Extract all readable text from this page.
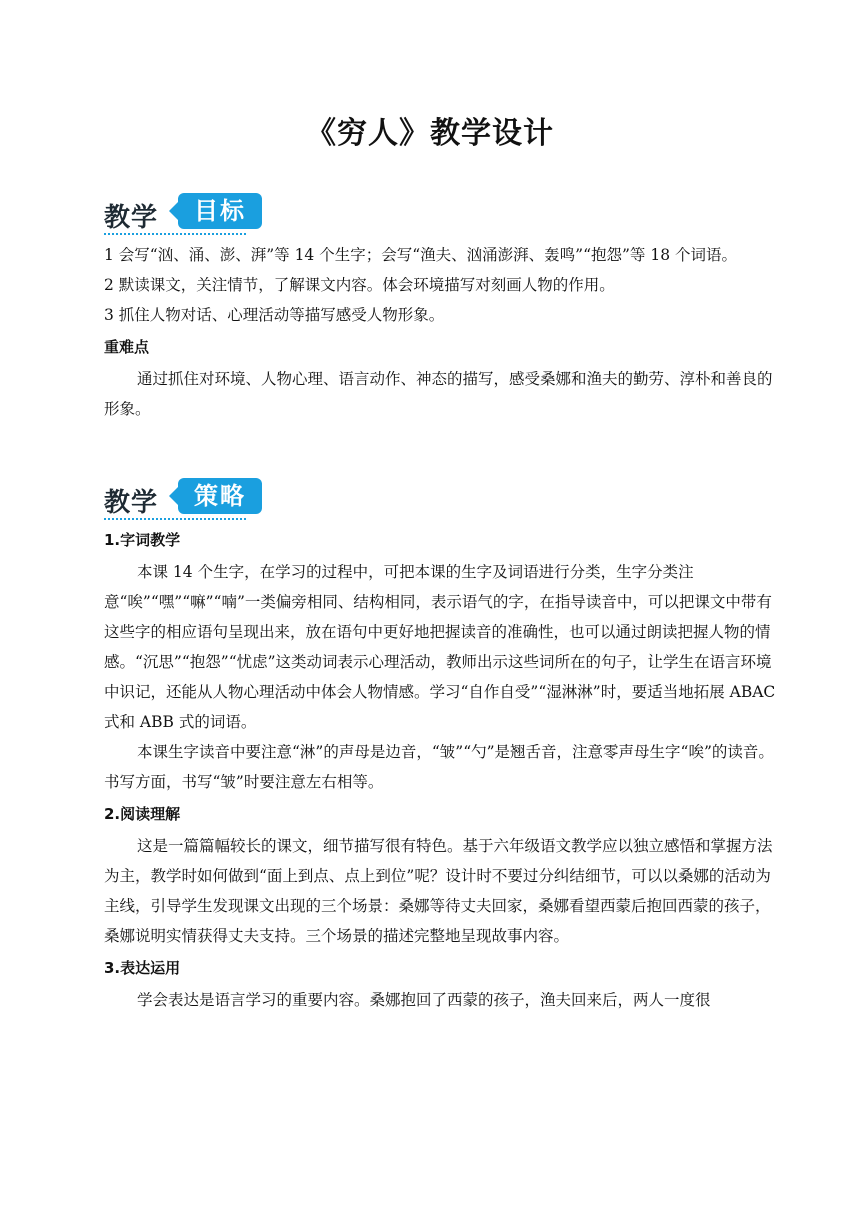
《穷人》教学设计
教学	目标
1 会写“汹、涌、澎、湃”等 14 个生字；会写“渔夫、汹涌澎湃、轰鸣”“抱怨”等 18 个词语。
2 默读课文，关注情节，了解课文内容。体会环境描写对刻画人物的作用。
3 抓住人物对话、心理活动等描写感受人物形象。
重难点
通过抓住对环境、人物心理、语言动作、神态的描写，感受桑娜和渔夫的勤劳、淳朴和善良的形象。
教学	策略
1.字词教学
本课 14 个生字，在学习的过程中，可把本课的生字及词语进行分类，生字分类注意“唉”“嘿”“嘛”“喃”一类偏旁相同、结构相同，表示语气的字，在指导读音中，可以把课文中带有这些字的相应语句呈现出来，放在语句中更好地把握读音的准确性，也可以通过朗读把握人物的情感。“沉思”“抱怨”“忧虑”这类动词表示心理活动，教师出示这些词所在的句子，让学生在语言环境中识记，还能从人物心理活动中体会人物情感。学习“自作自受”“湿淋淋”时，要适当地拓展 ABAC 式和 ABB 式的词语。
本课生字读音中要注意“淋”的声母是边音，“皱”“勺”是翘舌音，注意零声母生字“唉”的读音。书写方面，书写“皱”时要注意左右相等。
2.阅读理解
这是一篇篇幅较长的课文，细节描写很有特色。基于六年级语文教学应以独立感悟和掌握方法为主，教学时如何做到“面上到点、点上到位”呢？设计时不要过分纠结细节，可以以桑娜的活动为主线，引导学生发现课文出现的三个场景：桑娜等待丈夫回家，桑娜看望西蒙后抱回西蒙的孩子，桑娜说明实情获得丈夫支持。三个场景的描述完整地呈现故事内容。
3.表达运用
学会表达是语言学习的重要内容。桑娜抱回了西蒙的孩子，渔夫回来后，两人一度很
